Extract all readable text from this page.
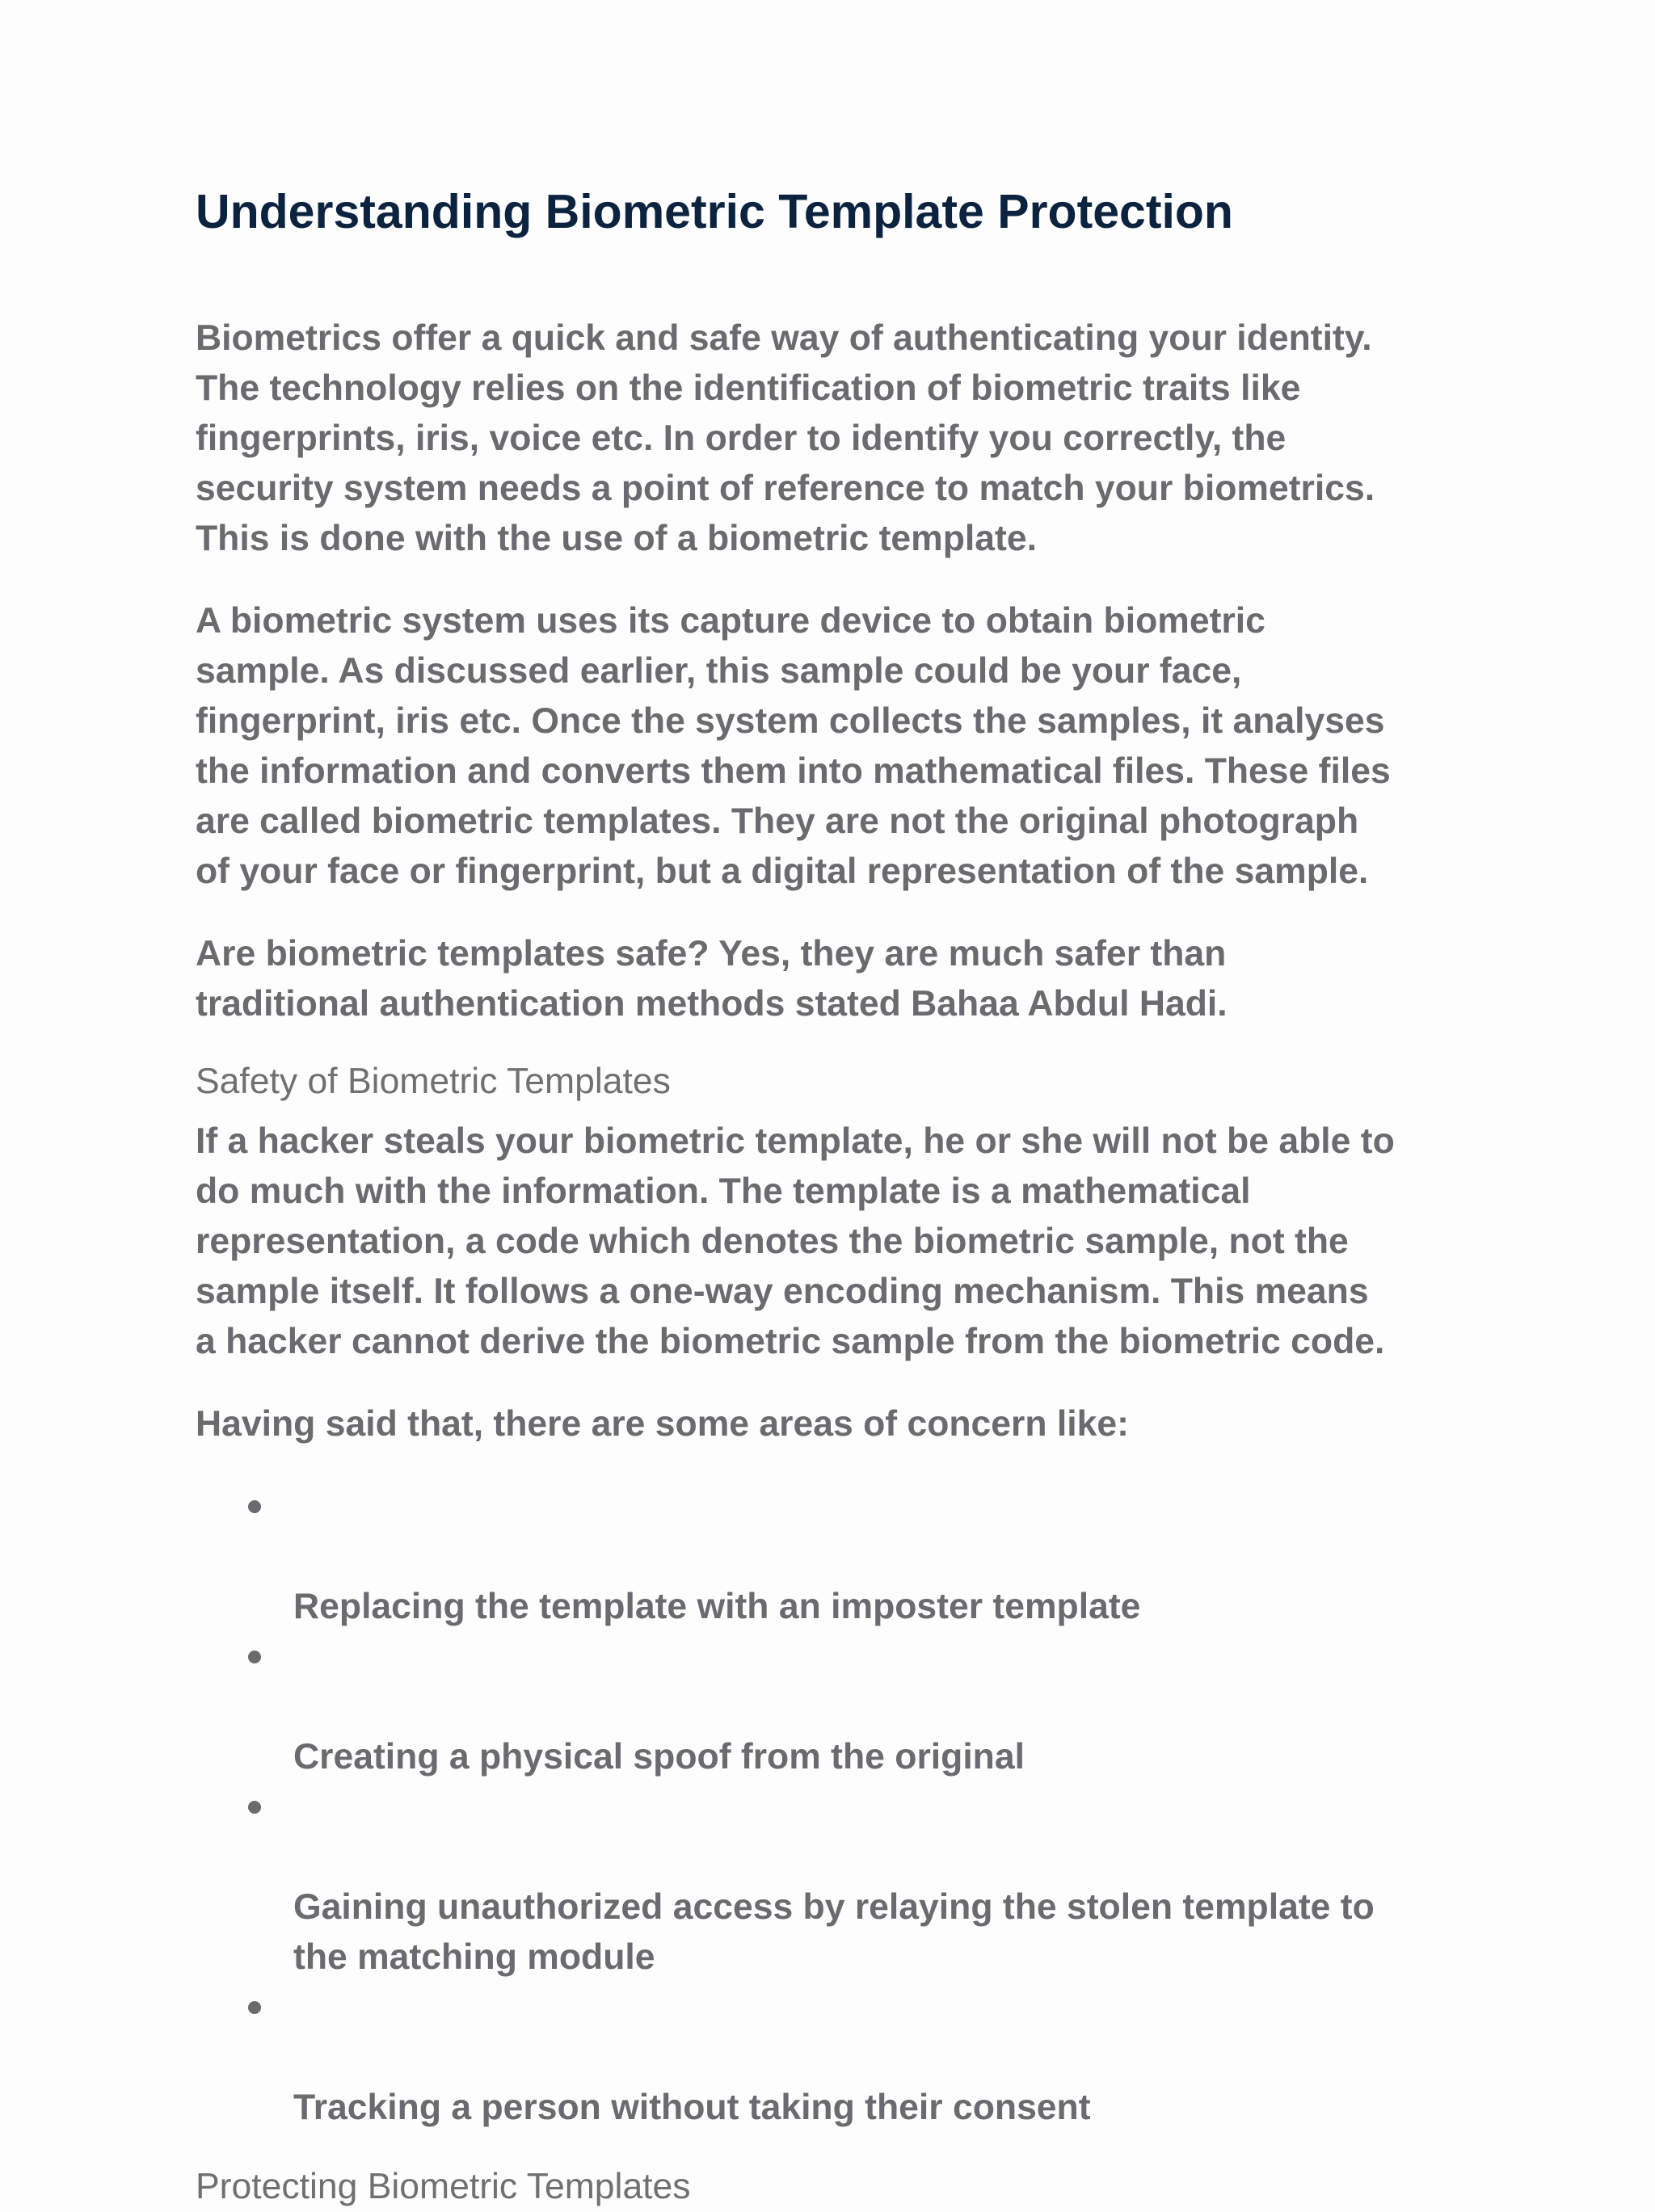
Understanding Biometric Template Protection

Biometrics offer a quick and safe way of authenticating your identity.
The technology relies on the identification of biometric traits like
fingerprints, iris, voice etc. In order to identify you correctly, the
security system needs a point of reference to match your biometrics.
This is done with the use of a biometric template.

A biometric system uses its capture device to obtain biometric
sample. As discussed earlier, this sample could be your face,
fingerprint, iris etc. Once the system collects the samples, it analyses
the information and converts them into mathematical files. These files
are called biometric templates. They are not the original photograph
of your face or fingerprint, but a digital representation of the sample.

Are biometric templates safe? Yes, they are much safer than
traditional authentication methods stated Bahaa Abdul Hadi.

Safety of Biometric Templates

If a hacker steals your biometric template, he or she will not be able to
do much with the information. The template is a mathematical
representation, a code which denotes the biometric sample, not the
sample itself. It follows a one-way encoding mechanism. This means
a hacker cannot derive the biometric sample from the biometric code.

Having said that, there are some areas of concern like:

Replacing the template with an imposter template

Creating a physical spoof from the original

Gaining unauthorized access by relaying the stolen template to
the matching module

Tracking a person without taking their consent

Protecting Biometric Templates
